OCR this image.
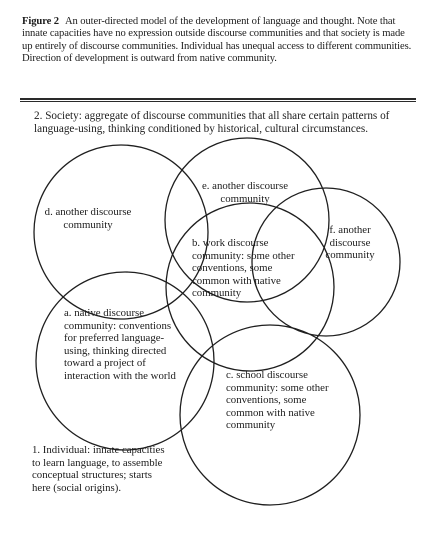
Figure 2 An outer-directed model of the development of language and thought. Note that innate capacities have no expression outside discourse communities and that society is made up entirely of discourse communities. Individual has unequal access to different communities. Direction of development is outward from native community.
2. Society: aggregate of discourse communities that all share certain patterns of language-using, thinking conditioned by historical, cultural circumstances.
d. another discourse community
e. another discourse community
f. another discourse community
b. work discourse community: some other conventions, some common with native community
a. native discourse community: conventions for preferred language-using, thinking directed toward a project of interaction with the world	c. school discourse community: some other conventions, some common with native community
1. Individual: innate capacities to learn language, to assemble conceptual structures; starts here (social origins).
